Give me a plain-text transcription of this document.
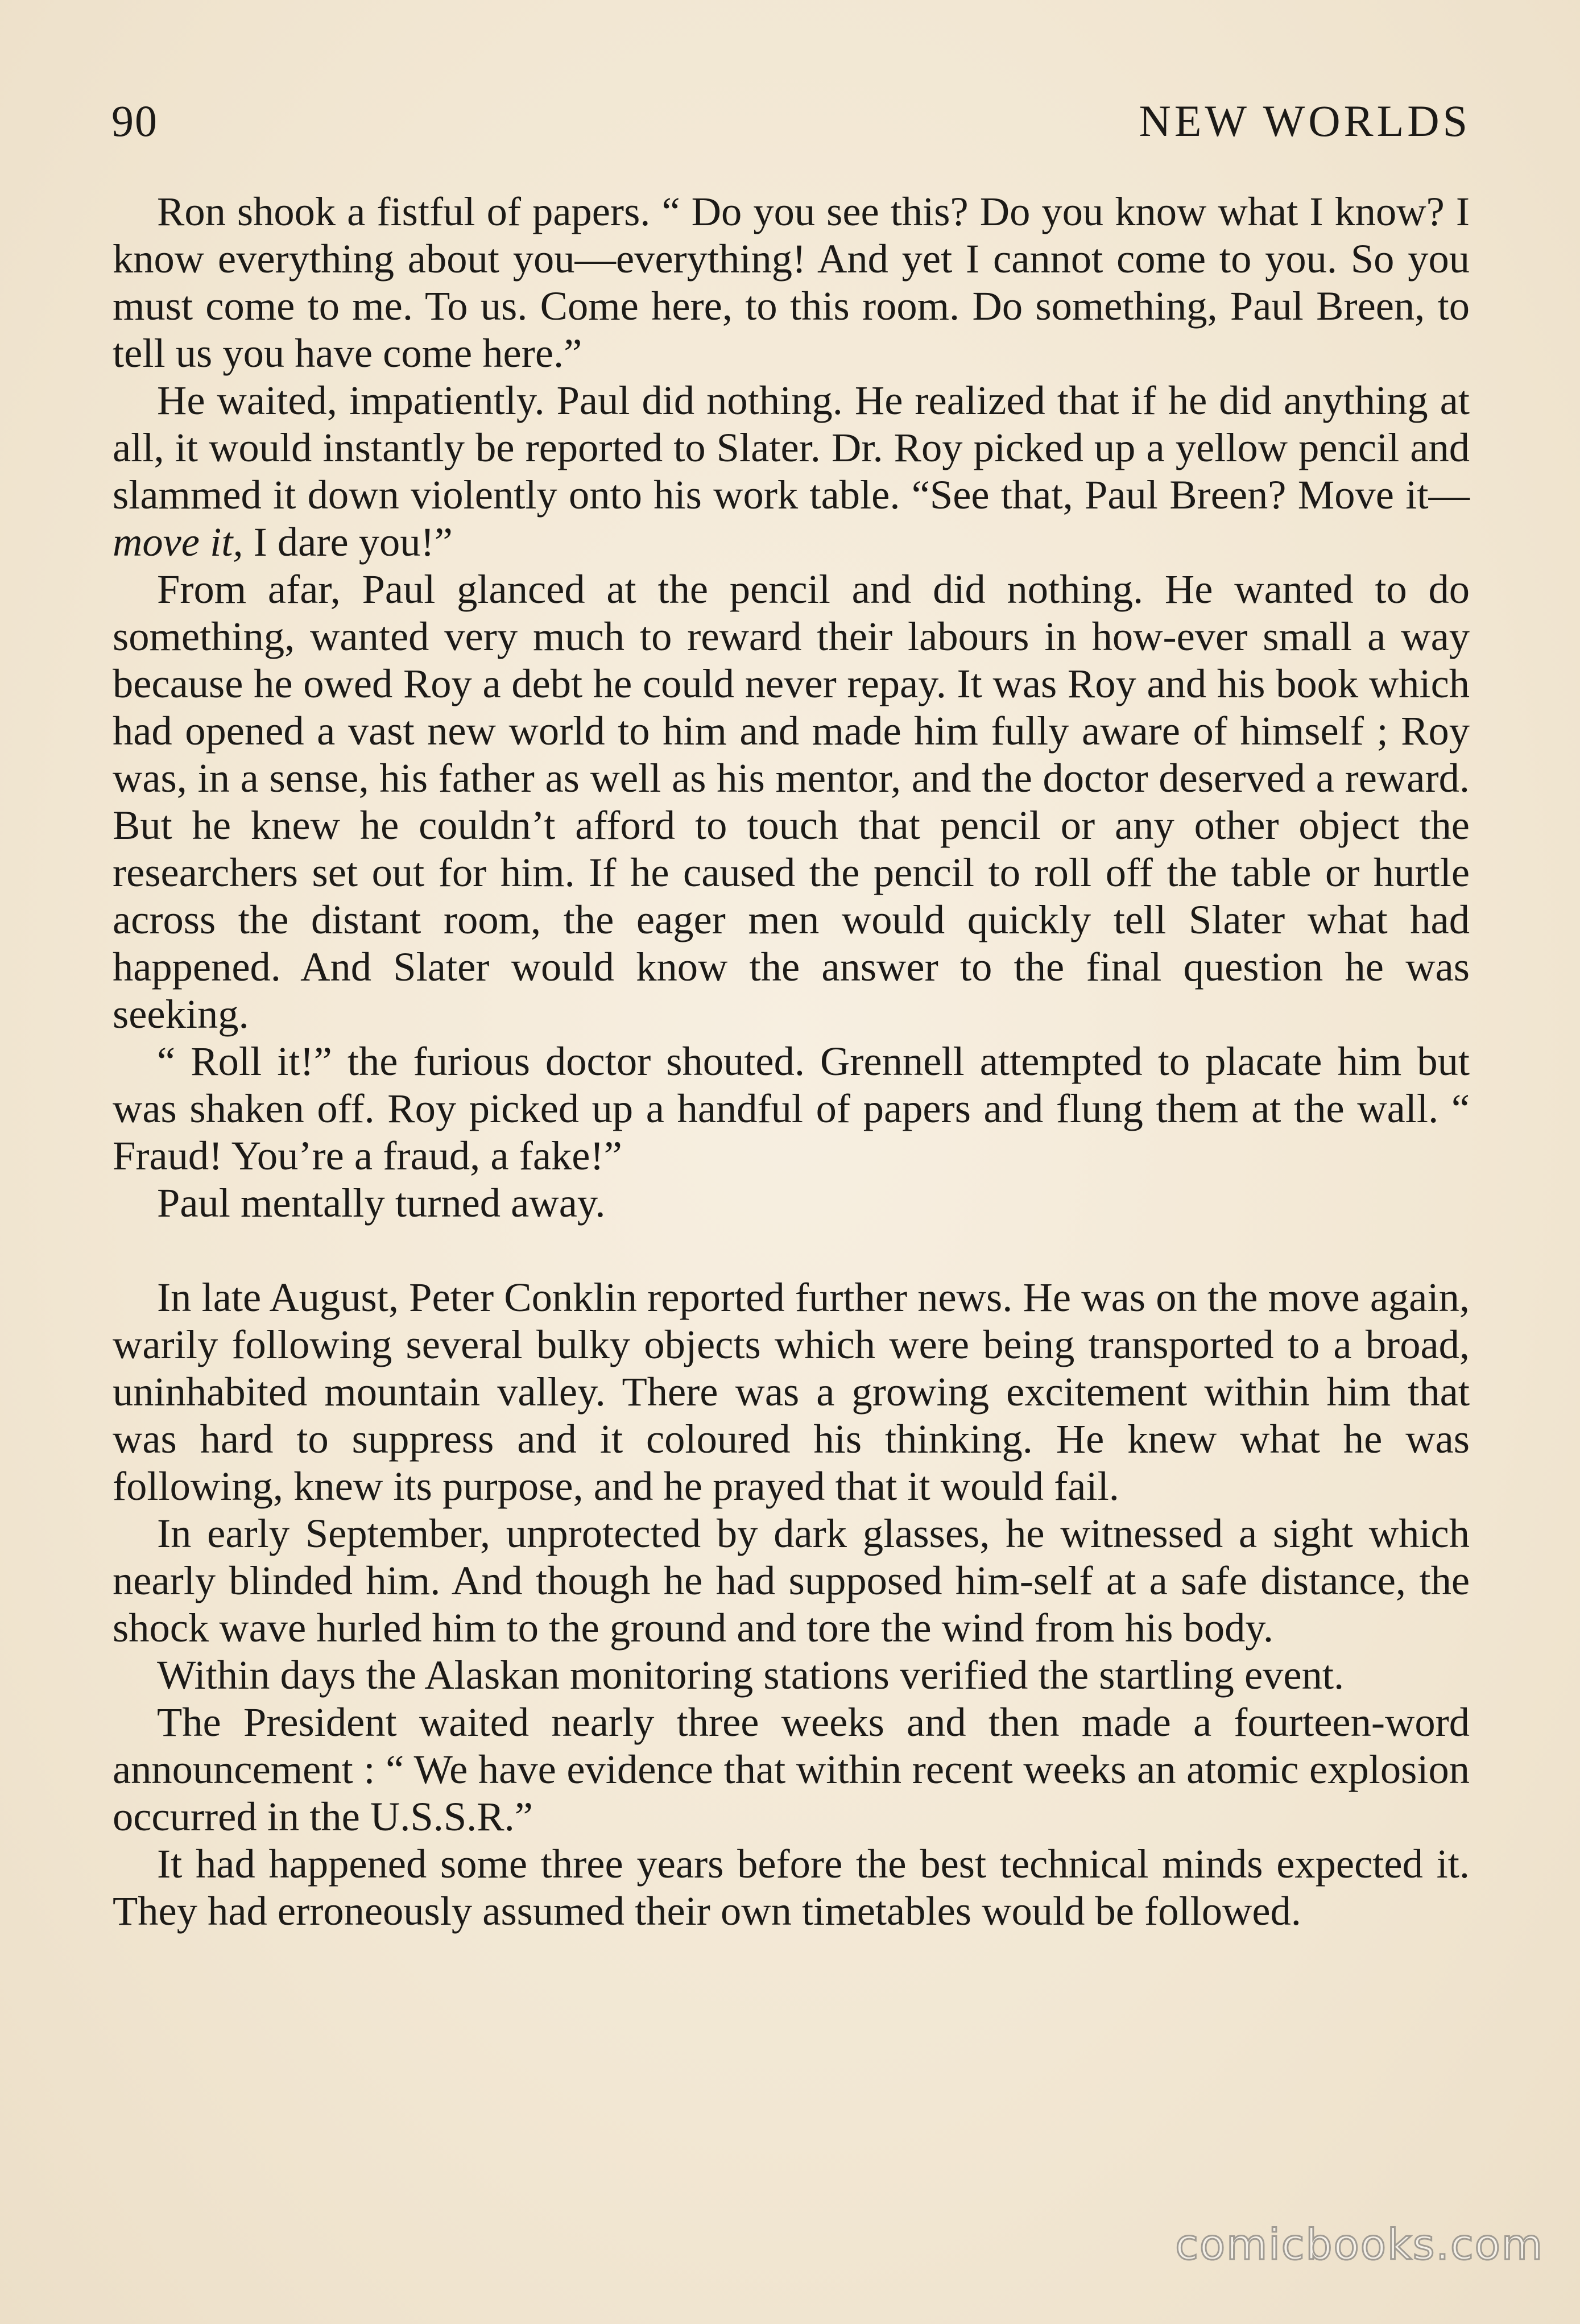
90	NEW WORLDS

Ron shook a fistful of papers. “ Do you see this? Do you know what I know? I know everything about you—everything! And yet I cannot come to you. So you must come to me. To us. Come here, to this room. Do something, Paul Breen, to tell us you have come here.”

He waited, impatiently. Paul did nothing. He realized that if he did anything at all, it would instantly be reported to Slater. Dr. Roy picked up a yellow pencil and slammed it down violently onto his work table. “See that, Paul Breen? Move it—move it, I dare you!”

From afar, Paul glanced at the pencil and did nothing. He wanted to do something, wanted very much to reward their labours in how-ever small a way because he owed Roy a debt he could never repay. It was Roy and his book which had opened a vast new world to him and made him fully aware of himself ; Roy was, in a sense, his father as well as his mentor, and the doctor deserved a reward. But he knew he couldn’t afford to touch that pencil or any other object the researchers set out for him. If he caused the pencil to roll off the table or hurtle across the distant room, the eager men would quickly tell Slater what had happened. And Slater would know the answer to the final question he was seeking.

“ Roll it!” the furious doctor shouted. Grennell attempted to placate him but was shaken off. Roy picked up a handful of papers and flung them at the wall. “ Fraud! You’re a fraud, a fake!”

Paul mentally turned away.

In late August, Peter Conklin reported further news. He was on the move again, warily following several bulky objects which were being transported to a broad, uninhabited mountain valley. There was a growing excitement within him that was hard to suppress and it coloured his thinking. He knew what he was following, knew its purpose, and he prayed that it would fail.

In early September, unprotected by dark glasses, he witnessed a sight which nearly blinded him. And though he had supposed him-self at a safe distance, the shock wave hurled him to the ground and tore the wind from his body.

Within days the Alaskan monitoring stations verified the startling event.

The President waited nearly three weeks and then made a fourteen-word announcement : “ We have evidence that within recent weeks an atomic explosion occurred in the U.S.S.R.”

It had happened some three years before the best technical minds expected it. They had erroneously assumed their own timetables would be followed.

comicbooks.com
